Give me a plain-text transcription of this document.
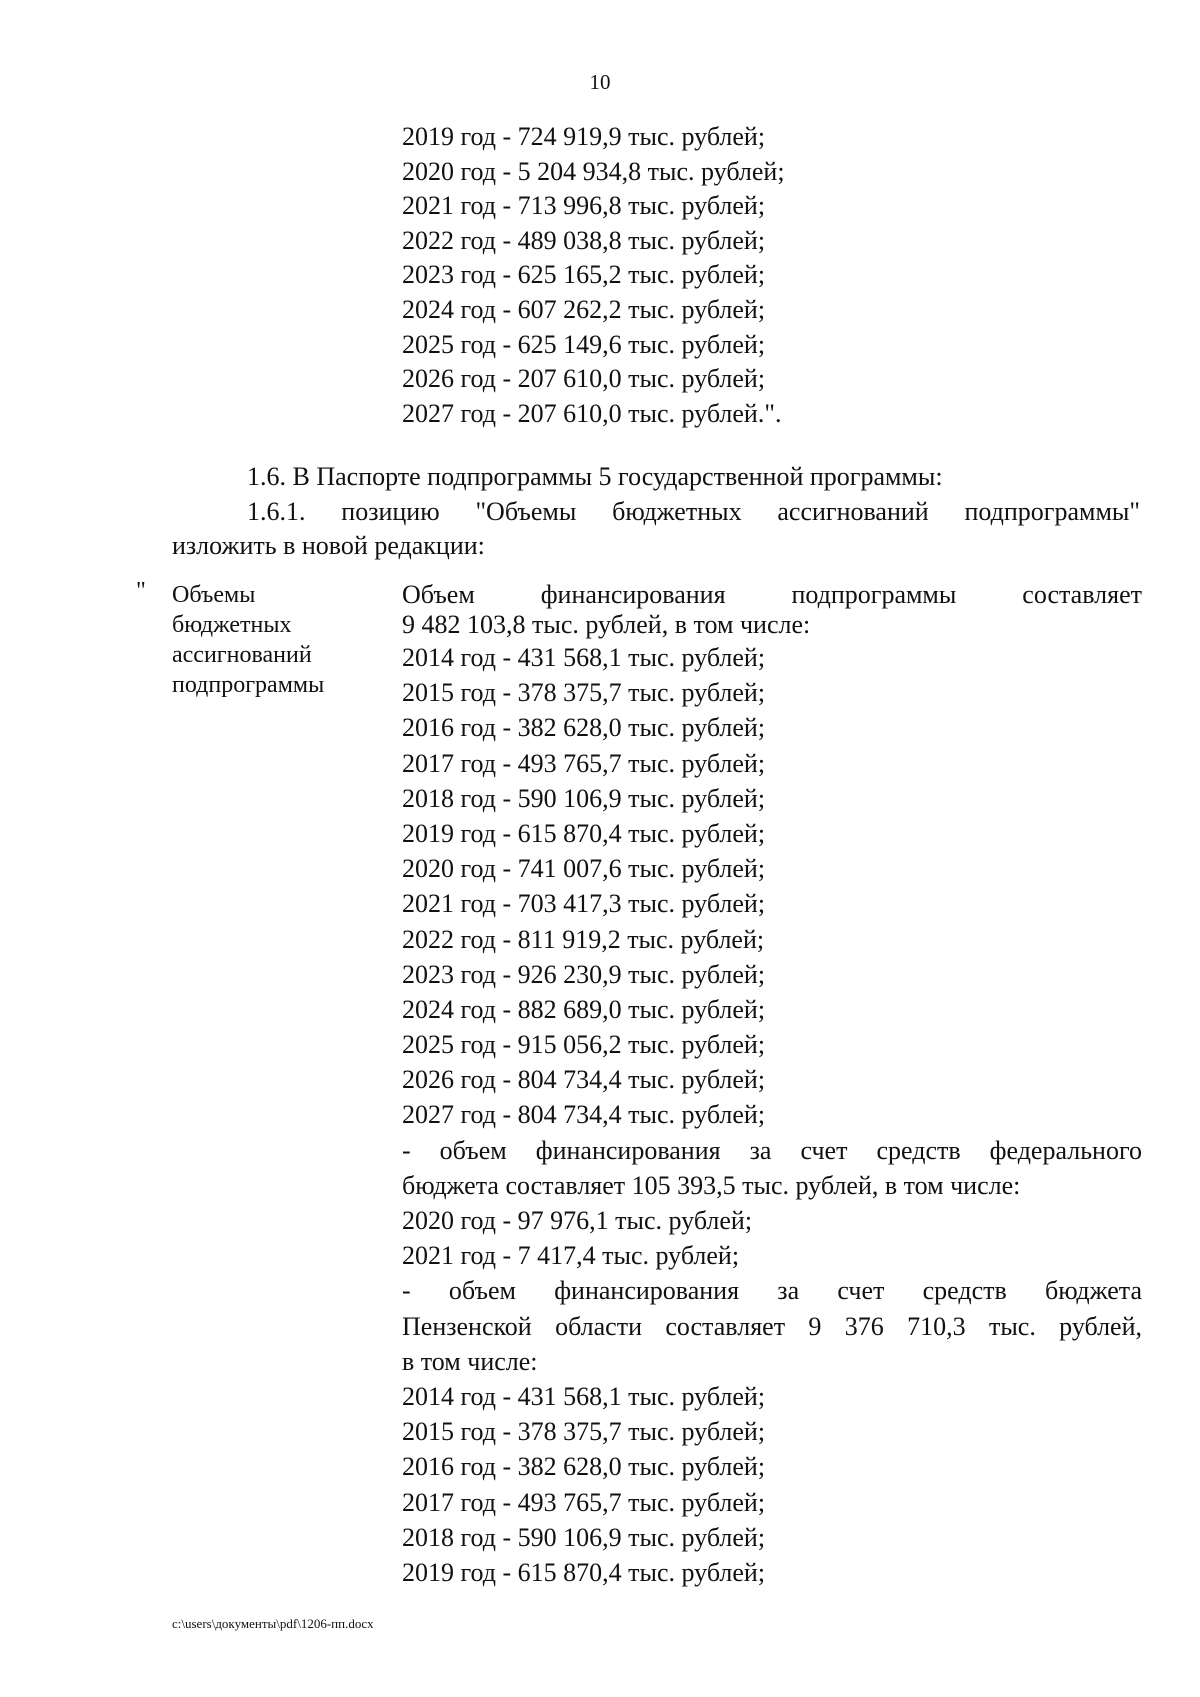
10
2019 год - 724 919,9 тыс. рублей;
2020 год - 5 204 934,8 тыс. рублей;
2021 год - 713 996,8 тыс. рублей;
2022 год - 489 038,8 тыс. рублей;
2023 год - 625 165,2 тыс. рублей;
2024 год - 607 262,2 тыс. рублей;
2025 год - 625 149,6 тыс. рублей;
2026 год - 207 610,0 тыс. рублей;
2027 год - 207 610,0 тыс. рублей.".
1.6. В Паспорте подпрограммы 5 государственной программы:
1.6.1. позицию "Объемы бюджетных ассигнований подпрограммы"
изложить в новой редакции:
" Объемы
бюджетных
ассигнований
подпрограммы
Объем финансирования подпрограммы составляет
9 482 103,8 тыс. рублей, в том числе:
2014 год - 431 568,1 тыс. рублей;
2015 год - 378 375,7 тыс. рублей;
2016 год - 382 628,0 тыс. рублей;
2017 год - 493 765,7 тыс. рублей;
2018 год - 590 106,9 тыс. рублей;
2019 год - 615 870,4 тыс. рублей;
2020 год - 741 007,6 тыс. рублей;
2021 год - 703 417,3 тыс. рублей;
2022 год - 811 919,2 тыс. рублей;
2023 год - 926 230,9 тыс. рублей;
2024 год - 882 689,0 тыс. рублей;
2025 год - 915 056,2 тыс. рублей;
2026 год - 804 734,4 тыс. рублей;
2027 год - 804 734,4 тыс. рублей;
- объем финансирования за счет средств федерального
бюджета составляет 105 393,5 тыс. рублей, в том числе:
2020 год - 97 976,1 тыс. рублей;
2021 год - 7 417,4 тыс. рублей;
- объем финансирования за счет средств бюджета
Пензенской области составляет 9 376 710,3 тыс. рублей,
в том числе:
2014 год - 431 568,1 тыс. рублей;
2015 год - 378 375,7 тыс. рублей;
2016 год - 382 628,0 тыс. рублей;
2017 год - 493 765,7 тыс. рублей;
2018 год - 590 106,9 тыс. рублей;
2019 год - 615 870,4 тыс. рублей;
c:\users\документы\pdf\1206-пп.docx
